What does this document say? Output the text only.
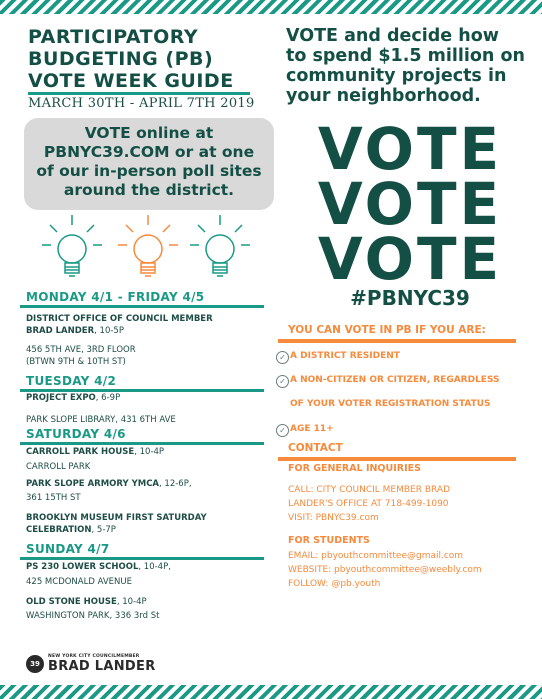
PARTICIPATORY
BUDGETING (PB)
VOTE WEEK GUIDE
MARCH 30TH - APRIL 7TH 2019
VOTE online at
PBNYC39.COM or at one
of our in-person poll sites
around the district.
MONDAY 4/1 - FRIDAY 4/5
DISTRICT OFFICE OF COUNCIL MEMBER
BRAD LANDER, 10-5P
456 5TH AVE, 3RD FLOOR
(BTWN 9TH & 10TH ST)
TUESDAY 4/2
PROJECT EXPO, 6-9P
PARK SLOPE LIBRARY, 431 6TH AVE
SATURDAY 4/6
CARROLL PARK HOUSE, 10-4P
CARROLL PARK
PARK SLOPE ARMORY YMCA, 12-6P,
361 15TH ST
BROOKLYN MUSEUM FIRST SATURDAY
CELEBRATION, 5-7P
SUNDAY 4/7
PS 230 LOWER SCHOOL, 10-4P,
425 MCDONALD AVENUE
OLD STONE HOUSE, 10-4P
WASHINGTON PARK, 336 3rd St
39
NEW YORK CITY COUNCILMEMBER
BRAD LANDER
VOTE and decide how
to spend $1.5 million on
community projects in
your neighborhood.
VOTE
VOTE
VOTE
#PBNYC39
YOU CAN VOTE IN PB IF YOU ARE:
✓ A DISTRICT RESIDENT
✓ A NON-CITIZEN OR CITIZEN, REGARDLESS
OF YOUR VOTER REGISTRATION STATUS
✓ AGE 11+
CONTACT
FOR GENERAL INQUIRIES
CALL: CITY COUNCIL MEMBER BRAD
LANDER'S OFFICE AT 718-499-1090
VISIT: PBNYC39.com
FOR STUDENTS
EMAIL: pbyouthcommittee@gmail.com
WEBSITE: pbyouthcommittee@weebly.com
FOLLOW: @pb.youth
